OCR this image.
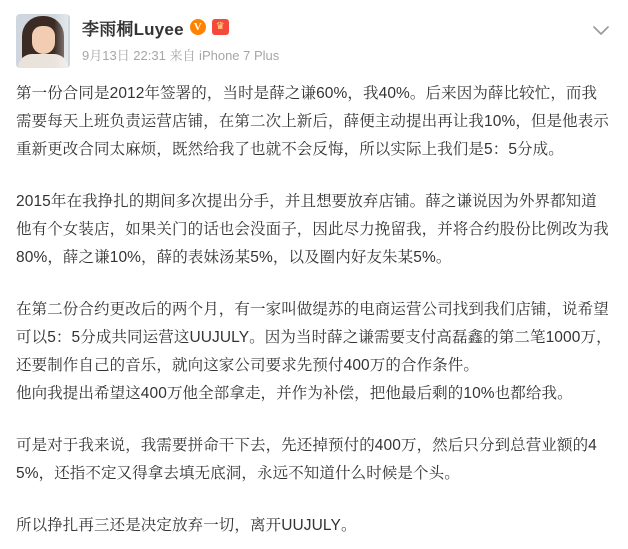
李雨桐Luyee V	♛
9月13日 22:31 来自 iPhone 7 Plus

第一份合同是2012年签署的，当时是薛之谦60%，我40%。后来因为薛比较忙，而我需要每天上班负责运营店铺，在第二次上新后，薛便主动提出再让我10%，但是他表示重新更改合同太麻烦，既然给我了也就不会反悔，所以实际上我们是5：5分成。

2015年在我挣扎的期间多次提出分手，并且想要放弃店铺。薛之谦说因为外界都知道他有个女装店，如果关门的话也会没面子，因此尽力挽留我，并将合约股份比例改为我80%，薛之谦10%，薛的表妹汤某5%，以及圈内好友朱某5%。

在第二份合约更改后的两个月，有一家叫做缇苏的电商运营公司找到我们店铺，说希望可以5：5分成共同运营这UUJULY。因为当时薛之谦需要支付高磊鑫的第二笔1000万，还要制作自己的音乐，就向这家公司要求先预付400万的合作条件。

他向我提出希望这400万他全部拿走，并作为补偿，把他最后剩的10%也都给我。

可是对于我来说，我需要拼命干下去，先还掉预付的400万，然后只分到总营业额的45%，还指不定又得拿去填无底洞，永远不知道什么时候是个头。

所以挣扎再三还是决定放弃一切，离开UUJULY。
